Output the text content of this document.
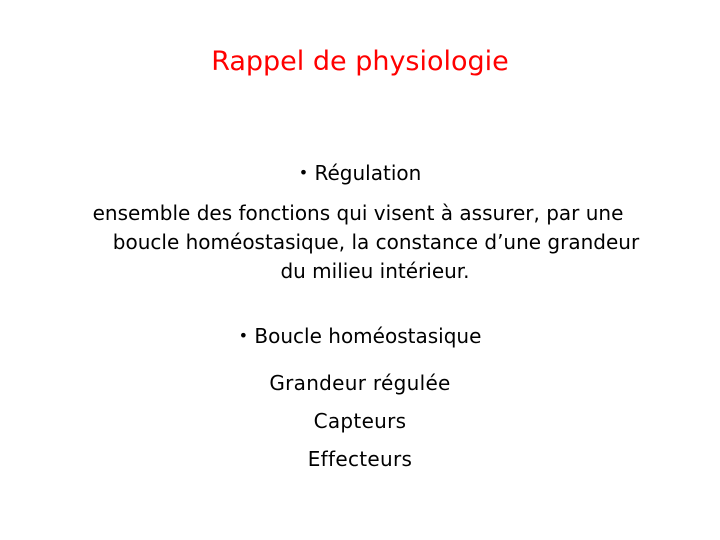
Rappel de physiologie
• Régulation
ensemble des fonctions qui visent à assurer, par une
boucle homéostasique, la constance d’une grandeur
du milieu intérieur.
• Boucle homéostasique
Grandeur régulée
Capteurs
Effecteurs
